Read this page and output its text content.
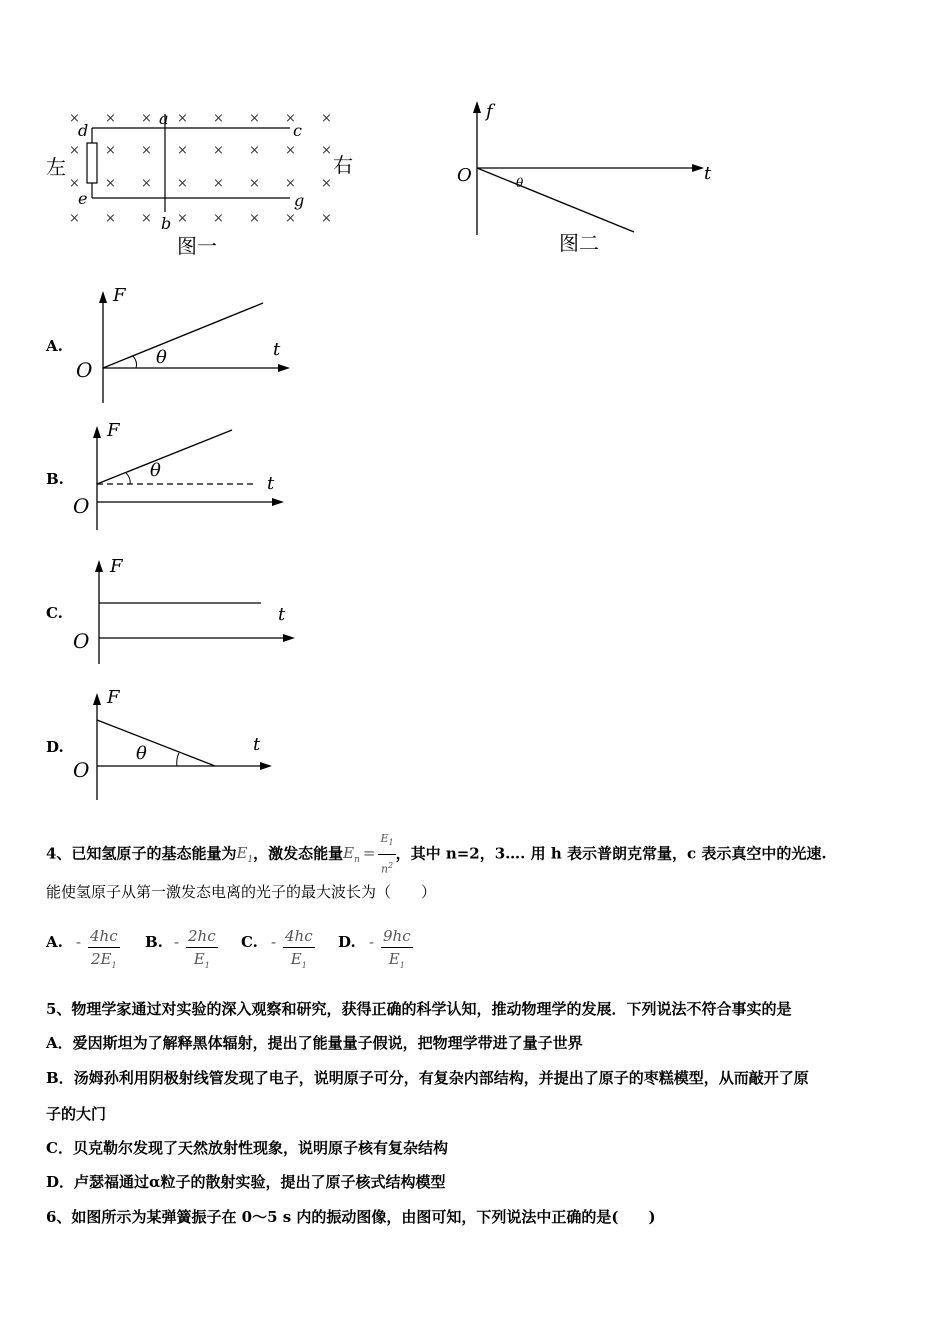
× × × × × × × ×
× × × × × × × ×
× × × × × × × ×
× × × × × × × ×
a
b
c
d
e	g
左	右
图一
f
t
O	θ
图二
A.
F
t
O
θ
B.
F
t
O
θ
C.
F
t
O
D.
F
t
O
θ
4、已知氢原子的基态能量为$E_1$，激发态能量$E_n = \frac{E_1}{n^2}$ ，其中 n=2，3…. 用 h 表示普朗克常量，c 表示真空中的光速.
能使氢原子从第一激发态电离的光子的最大波长为（　　）
A. - $\frac{4hc}{2E_1} B$. - $\frac{2hc}{E_1} C$. - $\frac{4hc}{E_1} D$. - $\frac{9hc}{E_1}$
5、物理学家通过对实验的深入观察和研究，获得正确的科学认知，推动物理学的发展．下列说法不符合事实的是
A．爱因斯坦为了解释黑体辐射，提出了能量量子假说，把物理学带进了量子世界
B．汤姆孙利用阴极射线管发现了电子，说明原子可分，有复杂内部结构，并提出了原子的枣糕模型，从而敲开了原
子的大门
C．贝克勒尔发现了天然放射性现象，说明原子核有复杂结构
D．卢瑟福通过α粒子的散射实验，提出了原子核式结构模型
6、如图所示为某弹簧振子在 0～5 s 内的振动图像，由图可知，下列说法中正确的是(　　)
